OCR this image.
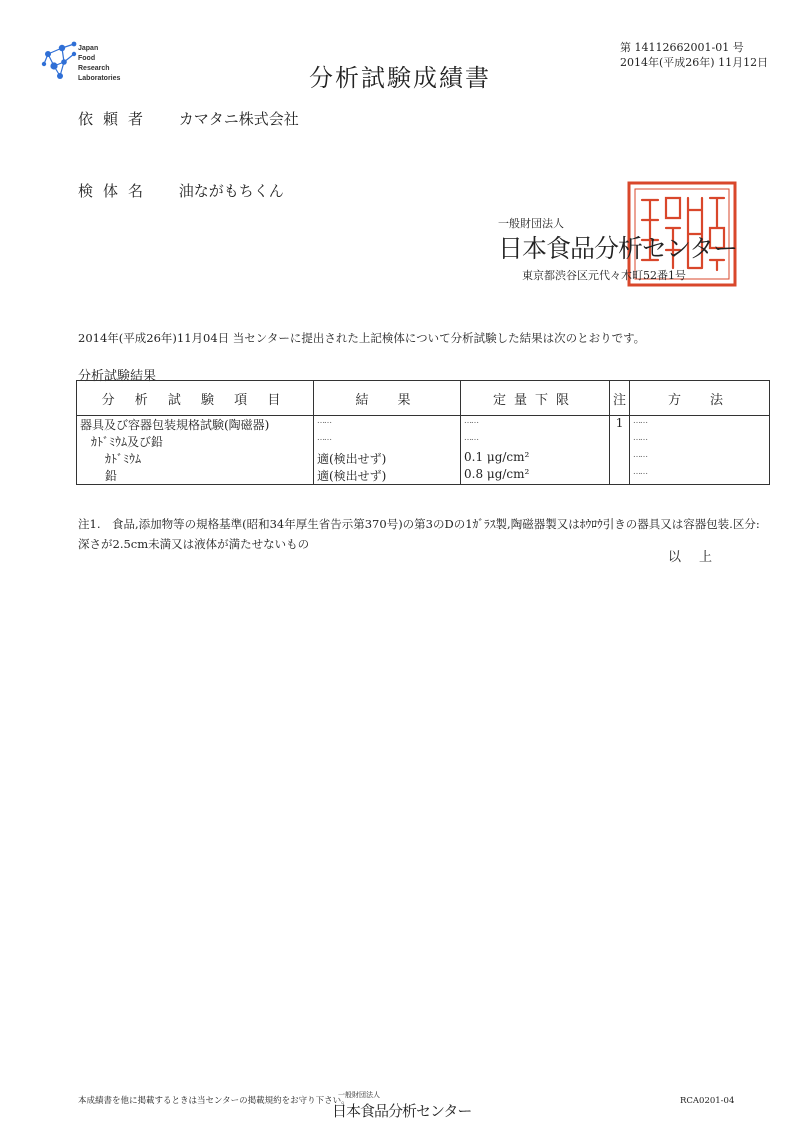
Japan
Food
Research
Laboratories	分析試験成績書
第 14112662001-01 号
2014年(平成26年) 11月12日
依頼者 カマタニ株式会社
検体名 油ながもちくん
一般財団法人
日本食品分析センター
東京都渋谷区元代々木町52番1号
2014年(平成26年)11月04日 当センターに提出された上記検体について分析試験した結果は次のとおりです。
分析試験結果
分 析 試 験 項 目	結　果	定量下限	注	方　法
器具及び容器包装規格試験(陶磁器)	……	……	1	……
ｶﾄﾞﾐｳﾑ及び鉛	……	……		……
ｶﾄﾞﾐｳﾑ	適(検出せず)	0.1 μg/cm²		……
鉛	適(検出せず)	0.8 μg/cm²		……
注1.　食品,添加物等の規格基準(昭和34年厚生省告示第370号)の第3のDの1ｶﾞﾗｽ製,陶磁器製又はﾎｳﾛｳ引きの器具又は容器包装.区分:深さが2.5cm未満又は液体が満たせないもの
以上
本成績書を他に掲載するときは当センターの掲載規約をお守り下さい。
一般財団法人
日本食品分析センター
RCA0201-04
